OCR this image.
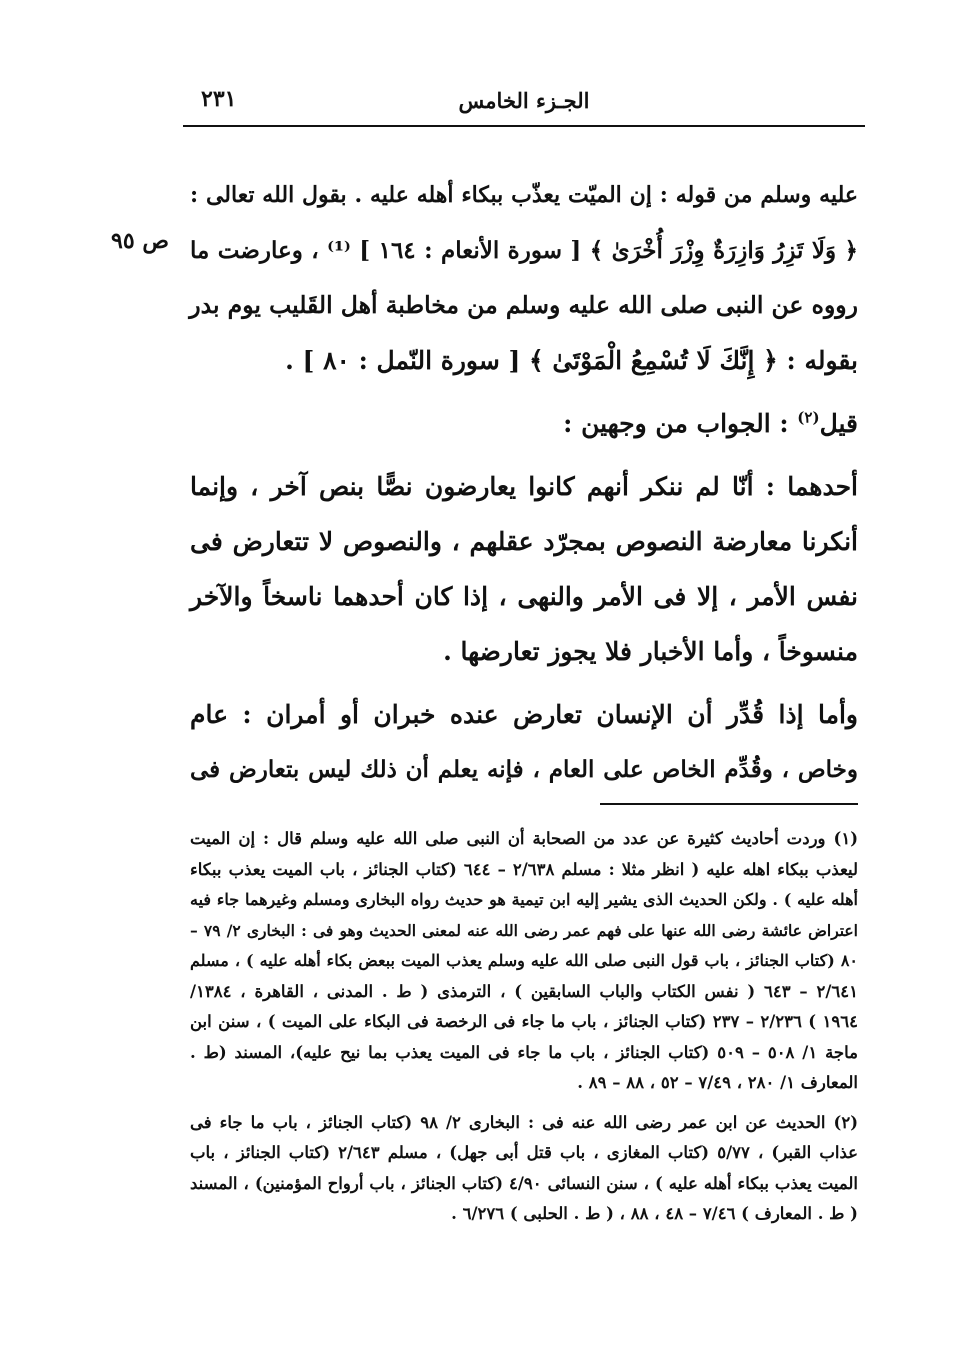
الجـزء الخامس
٢٣١
ص ٩٥
عليه وسلم من قوله : إن الميّت يعذّب ببكاء أهله عليه . بقول الله تعالى :
﴿ وَلَا تَزِرُ وَازِرَةٌ وِزْرَ أُخْرَىٰ ﴾ [ سورة الأنعام : ١٦٤ ] ⁽¹⁾ ، وعارضت ما
رووه عن النبى صلى الله عليه وسلم من مخاطبة أهل القَليب يوم بدر
بقوله : ﴿ إِنَّكَ لَا تُسْمِعُ الْمَوْتَىٰ ﴾ [ سورة النّمل : ٨٠ ] .
قيل$^{(٢)}$ : الجواب من وجهين :
أحدهما : أنّا لم ننكر أنهم كانوا يعارضون نصًّا بنص آخر ، وإنما
أنكرنا معارضة النصوص بمجرّد عقلهم ، والنصوص لا تتعارض فى
نفس الأمر ، إلا فى الأمر والنهى ، إذا كان أحدهما ناسخاً والآخر
منسوخاً ، وأما الأخبار فلا يجوز تعارضها .
وأما إذا قُدِّر أن الإنسان تعارض عنده خبران أو أمران : عام
وخاص ، وقُدِّم الخاص على العام ، فإنه يعلم أن ذلك ليس بتعارض فى
(١) وردت أحاديث كثيرة عن عدد من الصحابة أن النبى صلى الله عليه وسلم قال : إن الميت
ليعذب ببكاء اهله عليه ( انظر مثلا : مسلم ٢/٦٣٨ – ٦٤٤ (كتاب الجنائز ، باب الميت يعذب ببكاء
أهله عليه ) . ولكن الحديث الذى يشير إليه ابن تيمية هو حديث رواه البخارى ومسلم وغيرهما جاء فيه
اعتراض عائشة رضى الله عنها على فهم عمر رضى الله عنه لمعنى الحديث وهو فى : البخارى ٢/ ٧٩ –
٨٠ (كتاب الجنائز ، باب قول النبى صلى الله عليه وسلم يعذب الميت ببعض بكاء أهله عليه ) ، مسلم
٢/٦٤١ – ٦٤٣ ( نفس الكتاب والباب السابقين ) ، الترمذى ( ط . المدنى ، القاهرة ، ١٣٨٤/
١٩٦٤ ) ٢/٢٣٦ – ٢٣٧ (كتاب الجنائز ، باب ما جاء فى الرخصة فى البكاء على الميت ) ، سنن ابن
ماجة ١/ ٥٠٨ – ٥٠٩ (كتاب الجنائز ، باب ما جاء فى الميت يعذب بما نيح عليه)، المسند (ط .
المعارف ١/ ٢٨٠ ، ٧/٤٩ – ٥٢ ، ٨٨ – ٨٩ .
(٢) الحديث عن ابن عمر رضى الله عنه فى : البخارى ٢/ ٩٨ (كتاب الجنائز ، باب ما جاء فى
عذاب القبر) ، ٥/٧٧ (كتاب المغازى ، باب قتل أبى جهل) ، مسلم ٢/٦٤٣ (كتاب الجنائز ، باب
الميت يعذب ببكاء أهله عليه ) ، سنن النسائى ٤/٩٠ (كتاب الجنائز ، باب أرواح المؤمنين) ، المسند
( ط . المعارف ) ٧/٤٦ – ٤٨ ، ٨٨ ، ( ط . الحلبى ) ٦/٢٧٦ .
